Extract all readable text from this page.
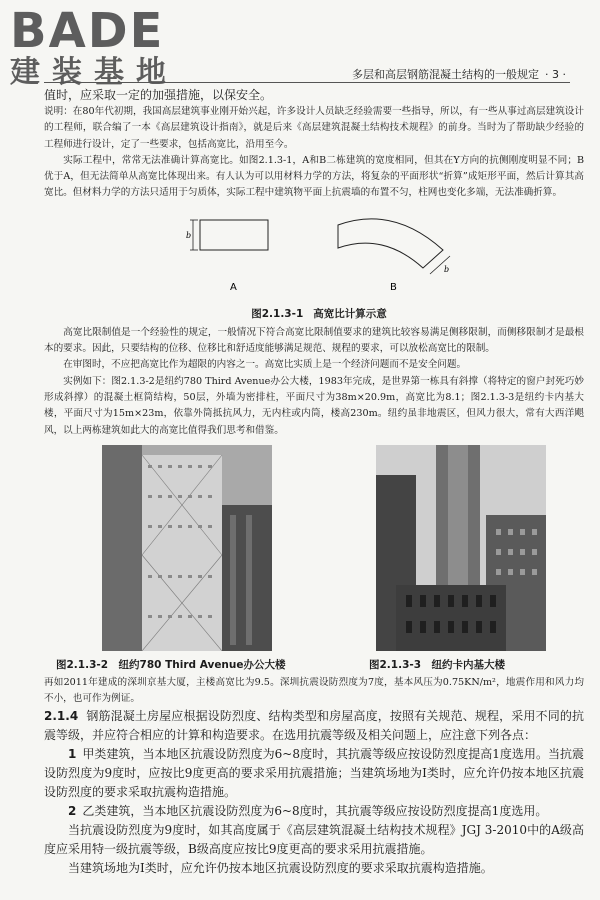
BADE
建装基地	多层和高层钢筋混凝土结构的一般规定 · 3 ·

值时，应采取一定的加强措施，以保安全。

说明：在80年代初期，我国高层建筑事业刚开始兴起，许多设计人员缺乏经验需要一些指导，所以，有一些从事过高层建筑设计的工程师，联合编了一本《高层建筑设计指南》，就是后来《高层建筑混凝土结构技术规程》的前身。当时为了帮助缺少经验的工程师进行设计，定了一些要求，包括高宽比，沿用至今。

实际工程中，常常无法准确计算高宽比。如图2.1.3-1，A和B二栋建筑的宽度相同，但其在Y方向的抗侧刚度明显不同；B优于A，但无法简单从高宽比体现出来。有人认为可以用材料力学的方法，将复杂的平面形状“折算”成矩形平面，然后计算其高宽比。但材料力学的方法只适用于匀质体，实际工程中建筑物平面上抗震墙的布置不匀，柱网也变化多端，无法准确折算。

b
b
A	B
图2.1.3-1 高宽比计算示意

高宽比限制值是一个经验性的规定，一般情况下符合高宽比限制值要求的建筑比较容易满足侧移限制，而侧移限制才是最根本的要求。因此，只要结构的位移、位移比和舒适度能够满足规范、规程的要求，可以放松高宽比的限制。

在审图时，不应把高宽比作为超限的内容之一。高宽比实质上是一个经济问题而不是安全问题。

实例如下：图2.1.3-2是纽约780 Third Avenue办公大楼，1983年完成，是世界第一栋具有斜撑（将特定的窗户封死巧妙形成斜撑）的混凝土框筒结构，50层，外墙为密排柱，平面尺寸为38m×20.9m，高宽比为8.1；图2.1.3-3是纽约卡内基大楼，平面尺寸为15m×23m，依靠外筒抵抗风力，无内柱或内筒，楼高230m。纽约虽非地震区，但风力很大，常有大西洋飓风，以上两栋建筑如此大的高宽比值得我们思考和借鉴。

图2.1.3-2　纽约780 Third Avenue办公大楼	图2.1.3-3　纽约卡内基大楼

再如2011年建成的深圳京基大厦，主楼高宽比为9.5。深圳抗震设防烈度为7度，基本风压为0.75KN/m²，地震作用和风力均不小，也可作为例证。

2.1.4 钢筋混凝土房屋应根据设防烈度、结构类型和房屋高度，按照有关规范、规程，采用不同的抗震等级，并应符合相应的计算和构造要求。在选用抗震等级及相关问题上，应注意下列各点：

1 甲类建筑，当本地区抗震设防烈度为6~8度时，其抗震等级应按设防烈度提高1度选用。当抗震设防烈度为9度时，应按比9度更高的要求采用抗震措施；当建筑场地为Ⅰ类时，应允许仍按本地区抗震设防烈度的要求采取抗震构造措施。

2 乙类建筑，当本地区抗震设防烈度为6~8度时，其抗震等级应按设防烈度提高1度选用。

当抗震设防烈度为9度时，如其高度属于《高层建筑混凝土结构技术规程》JGJ 3-2010中的A级高度应采用特一级抗震等级，B级高度应按比9度更高的要求采用抗震措施。

当建筑场地为Ⅰ类时，应允许仍按本地区抗震设防烈度的要求采取抗震构造措施。
